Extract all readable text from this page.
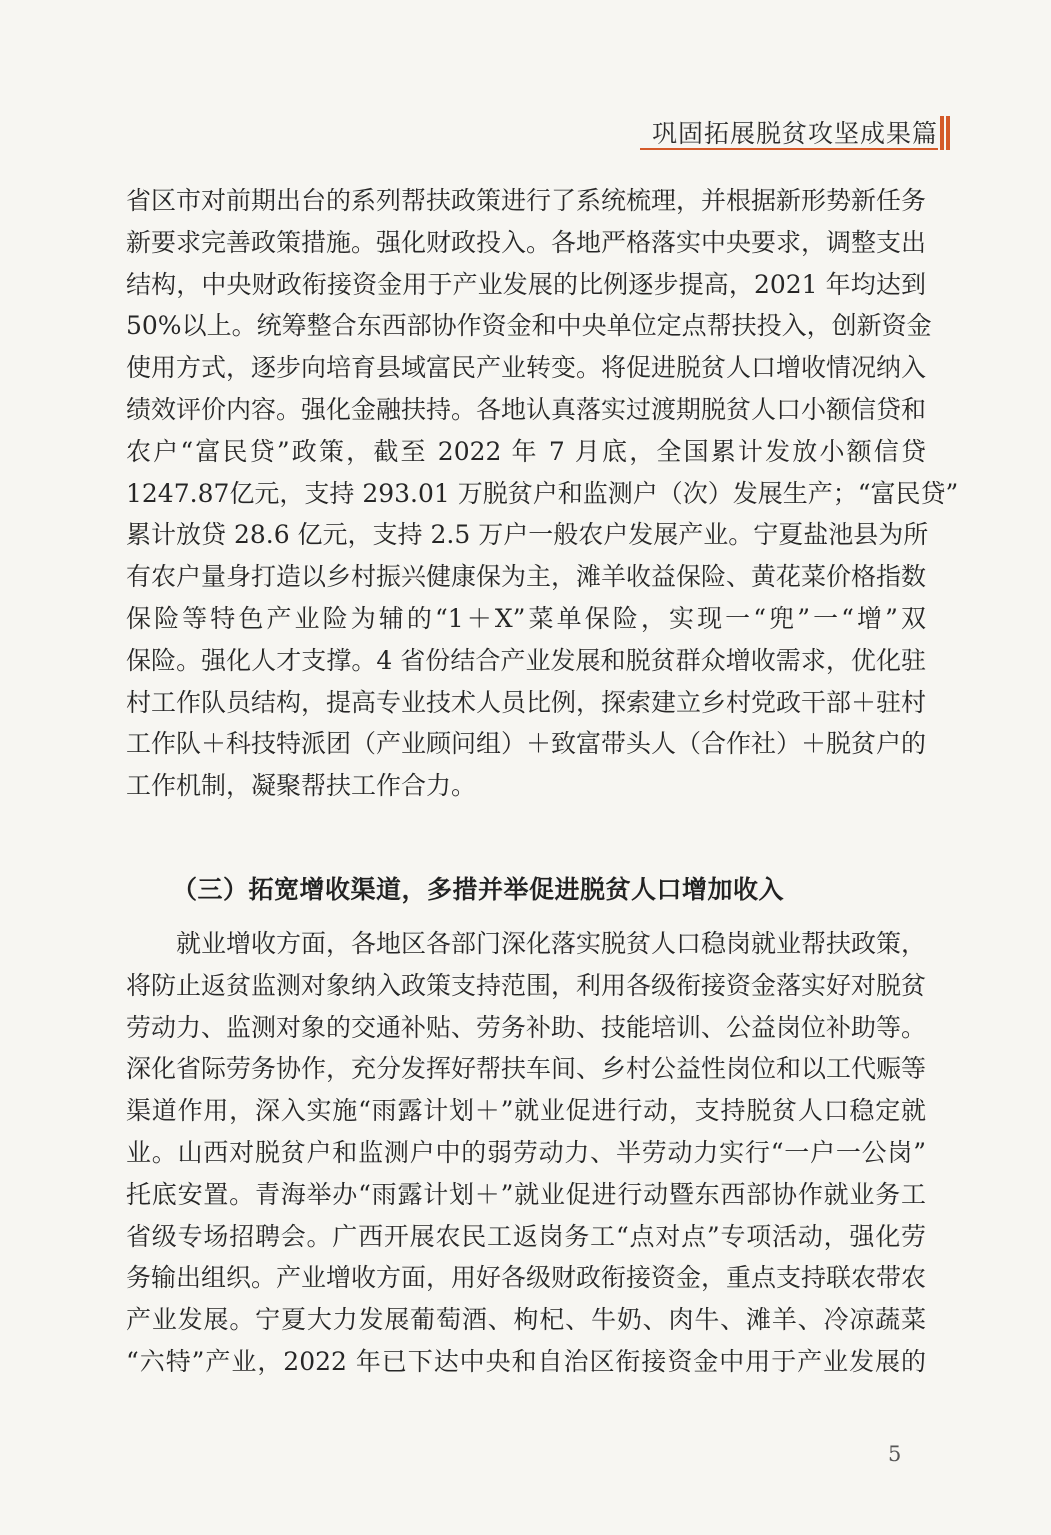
巩固拓展脱贫攻坚成果篇

省区市对前期出台的系列帮扶政策进行了系统梳理，并根据新形势新任务

新要求完善政策措施。强化财政投入。各地严格落实中央要求，调整支出

结构，中央财政衔接资金用于产业发展的比例逐步提高，2021 年均达到

50%以上。统筹整合东西部协作资金和中央单位定点帮扶投入，创新资金

使用方式，逐步向培育县域富民产业转变。将促进脱贫人口增收情况纳入

绩效评价内容。强化金融扶持。各地认真落实过渡期脱贫人口小额信贷和

农户“富民贷”政策，截至 2022 年 7 月底，全国累计发放小额信贷

1247.87亿元，支持 293.01 万脱贫户和监测户（次）发展生产；“富民贷”

累计放贷 28.6 亿元，支持 2.5 万户一般农户发展产业。宁夏盐池县为所

有农户量身打造以乡村振兴健康保为主，滩羊收益保险、黄花菜价格指数

保险等特色产业险为辅的“1＋X”菜单保险，实现一“兜”一“增”双

保险。强化人才支撑。4 省份结合产业发展和脱贫群众增收需求，优化驻

村工作队员结构，提高专业技术人员比例，探索建立乡村党政干部＋驻村

工作队＋科技特派团（产业顾问组）＋致富带头人（合作社）＋脱贫户的

工作机制，凝聚帮扶工作合力。

（三）拓宽增收渠道，多措并举促进脱贫人口增加收入

就业增收方面，各地区各部门深化落实脱贫人口稳岗就业帮扶政策，

将防止返贫监测对象纳入政策支持范围，利用各级衔接资金落实好对脱贫

劳动力、监测对象的交通补贴、劳务补助、技能培训、公益岗位补助等。

深化省际劳务协作，充分发挥好帮扶车间、乡村公益性岗位和以工代赈等

渠道作用，深入实施“雨露计划＋”就业促进行动，支持脱贫人口稳定就

业。山西对脱贫户和监测户中的弱劳动力、半劳动力实行“一户一公岗”

托底安置。青海举办“雨露计划＋”就业促进行动暨东西部协作就业务工

省级专场招聘会。广西开展农民工返岗务工“点对点”专项活动，强化劳

务输出组织。产业增收方面，用好各级财政衔接资金，重点支持联农带农

产业发展。宁夏大力发展葡萄酒、枸杞、牛奶、肉牛、滩羊、冷凉蔬菜

“六特”产业，2022 年已下达中央和自治区衔接资金中用于产业发展的

5
